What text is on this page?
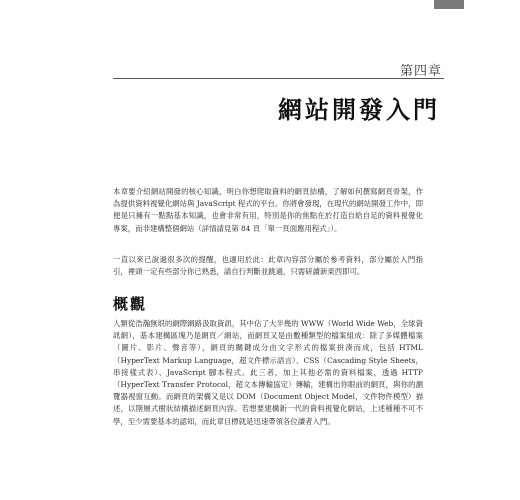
第四章
網站開發入門

本章要介紹網站開發的核心知識，明白你想爬取資料的網頁結構，了解如何撰寫網頁骨架，作為提供資料視覺化網站與 JavaScript 程式的平台。你將會發現，在現代的網站開發工作中，即便是只擁有一點點基本知識，也會非常有用，特別是你的焦點在於打造自給自足的資料視覺化專案，而非建構整個網站（詳情請見第 84 頁「單一頁面應用程式」）。

一直以來已說過很多次的提醒，也適用於此：此章內容部分屬於參考資料，部分屬於入門指引，裡頭一定有些部分你已熟悉，請自行判斷並跳過，只需研讀新東西即可。

概觀

人類從浩瀚無垠的網際網路汲取資訊，其中佔了大半幾的 WWW（World Wide Web，全球資訊網），基本建構區塊乃是網頁／網站，而網頁又是由數種類型的檔案組成：除了多媒體檔案（圖片、影片、聲音等），網頁的關鍵成分由文字形式的檔案拼湊而成，包括 HTML（HyperText Markup Language，超文件標示語言）、CSS（Cascading Style Sheets，串接樣式表）、JavaScript 腳本程式。此三者，加上其他必需的資料檔案，透過 HTTP（HyperText Transfer Protocol，超文本傳輸協定）傳輸，建構出你眼前的網頁，與你的瀏覽器視窗互動。而網頁的架構又是以 DOM（Document Object Model，文件物件模型）描述，以階層式樹狀結構描述網頁內容。若想要建構新一代的資料視覺化網站，上述種種不可不學，至少需要基本的認知，而此章目標就是迅速帶領各位讀者入門。
